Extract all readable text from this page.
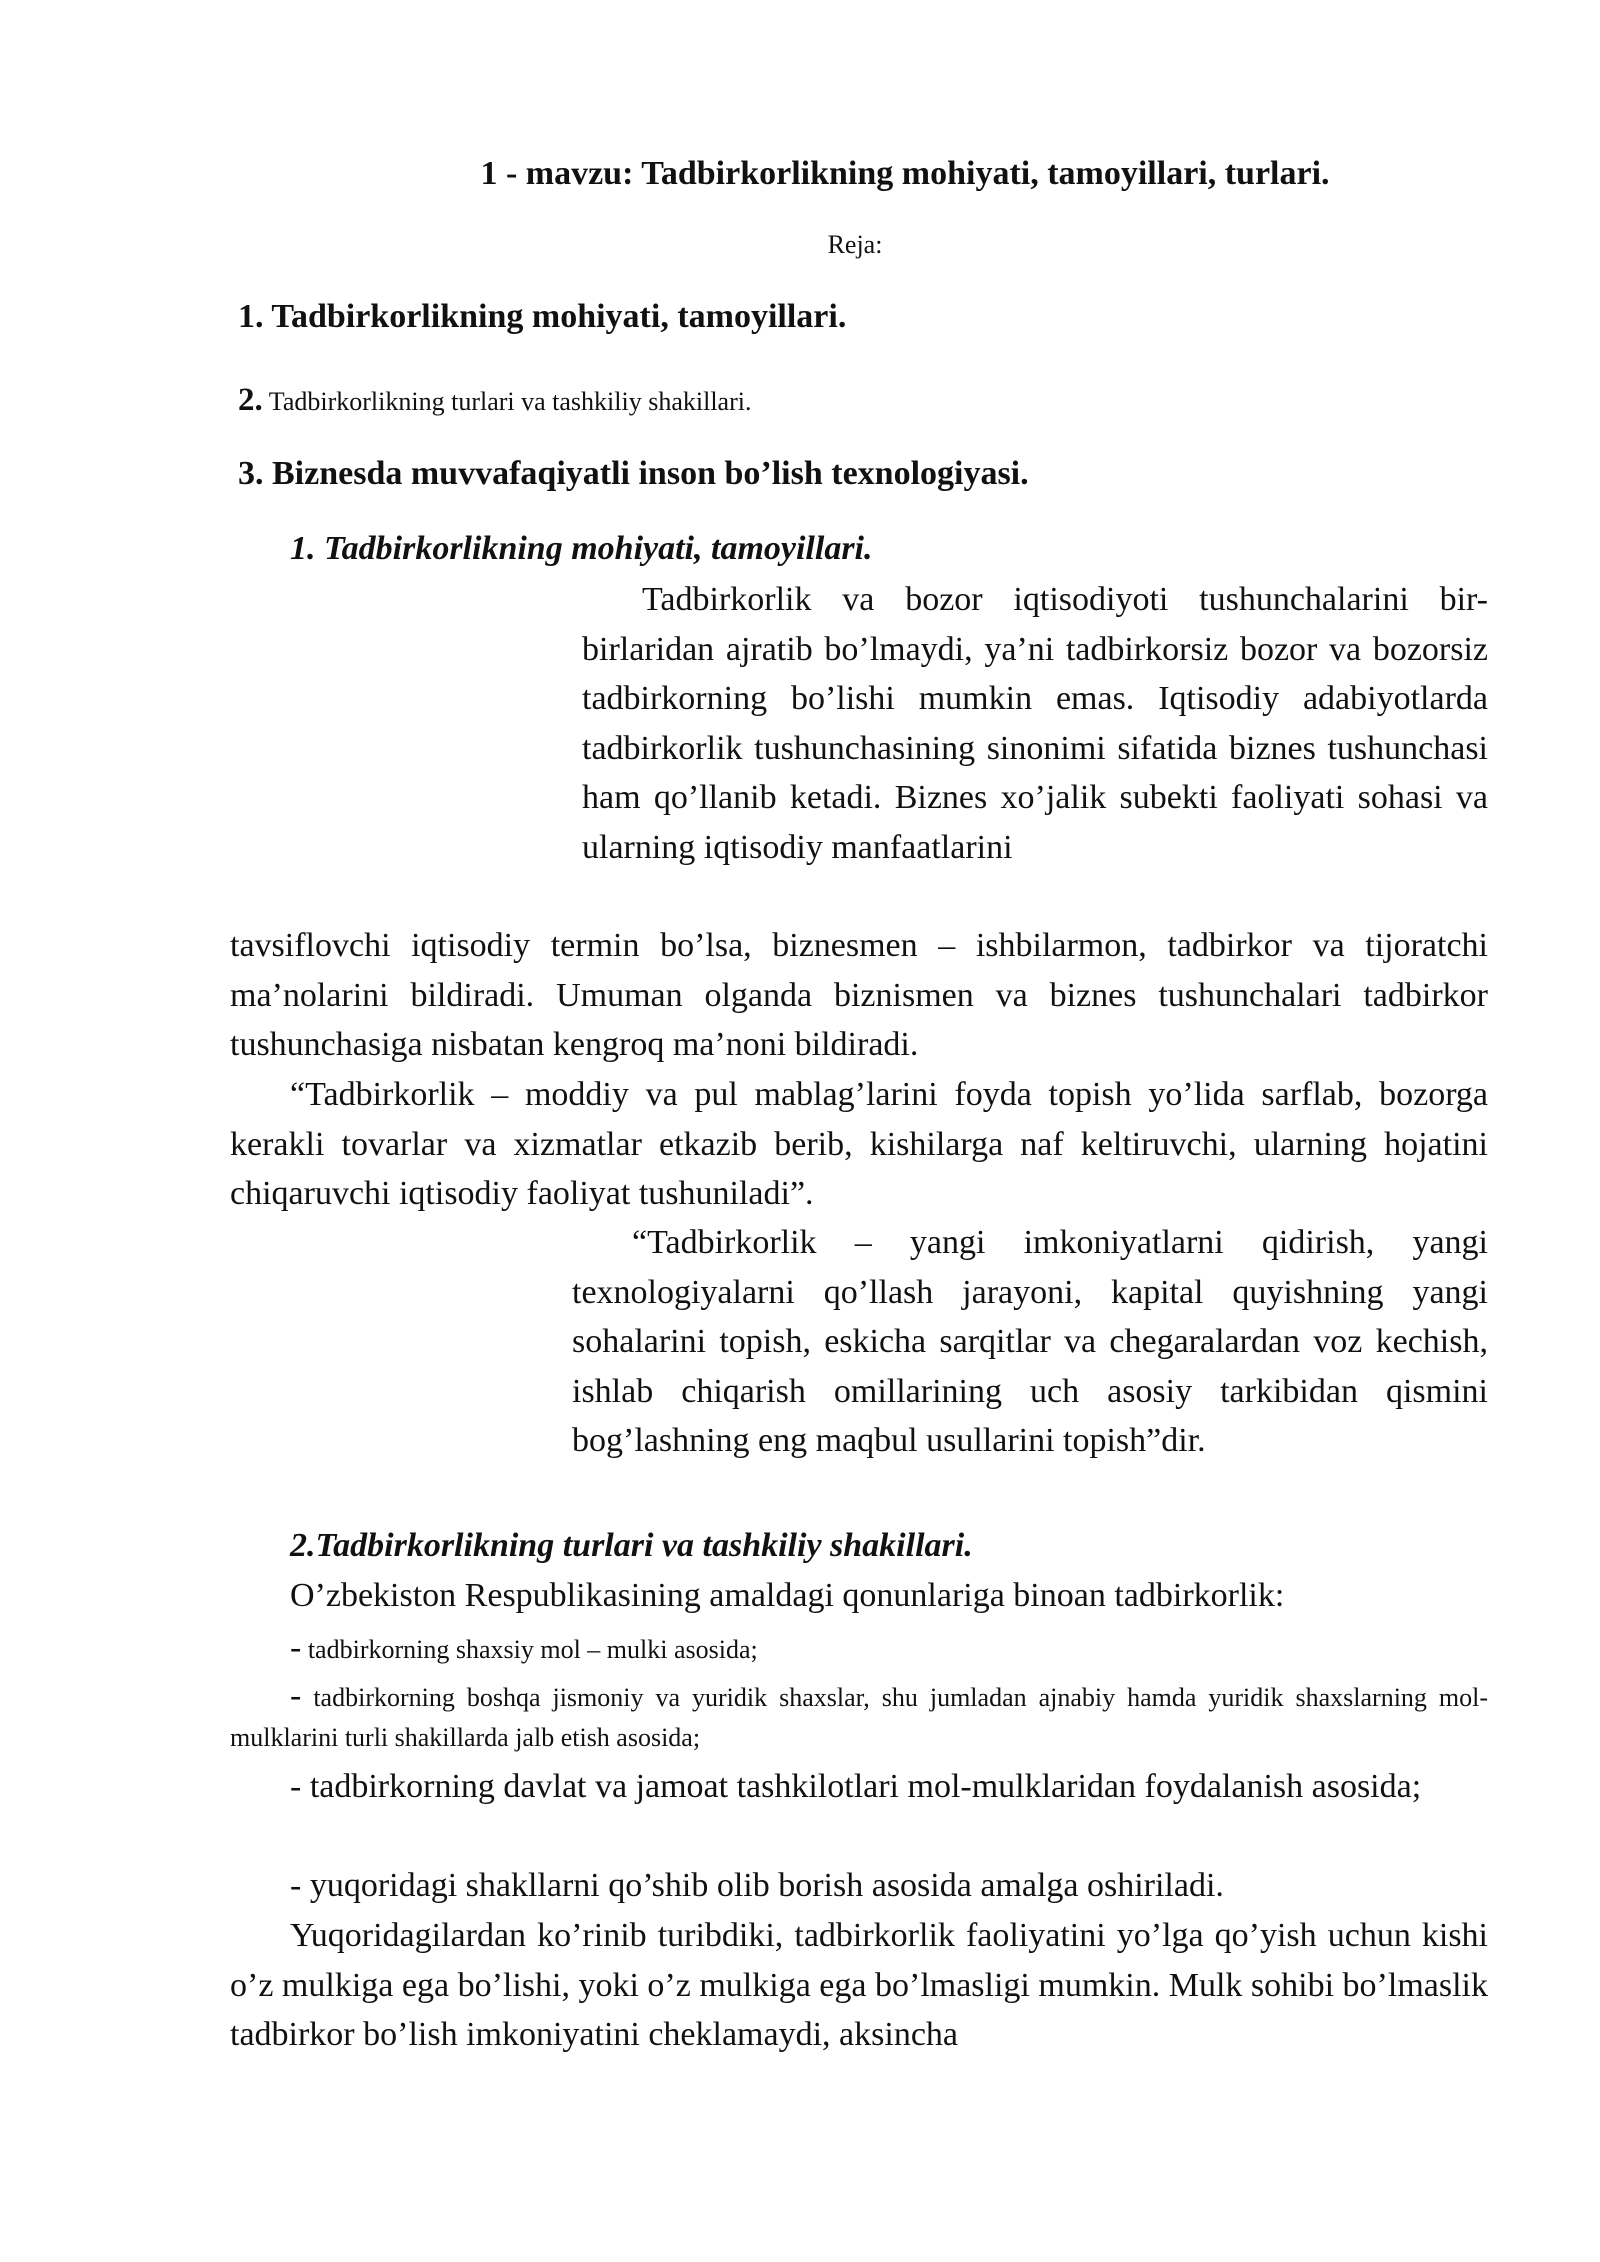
1 - mavzu: Tadbirkorlikning mohiyati, tamoyillari, turlari.
Reja:
1. Tadbirkorlikning mohiyati, tamoyillari.
2. Tadbirkorlikning turlari va tashkiliy shakillari.
3. Biznesda muvvafaqiyatli inson bo’lish texnologiyasi.
1. Tadbirkorlikning mohiyati, tamoyillari.

Tadbirkorlik va bozor iqtisodiyoti tushunchalarini bir-birlaridan ajratib bo’lmaydi, ya’ni tadbirkorsiz bozor va bozorsiz tadbirkorning bo’lishi mumkin emas. Iqtisodiy adabiyotlarda tadbirkorlik tushunchasining sinonimi sifatida biznes tushunchasi ham qo’llanib ketadi. Biznes xo’jalik subekti faoliyati sohasi va ularning iqtisodiy manfaatlarini

tavsiflovchi iqtisodiy termin bo’lsa, biznesmen – ishbilarmon, tadbirkor va tijoratchi ma’nolarini bildiradi. Umuman olganda biznismen va biznes tushunchalari tadbirkor tushunchasiga nisbatan kengroq ma’noni bildiradi.

“Tadbirkorlik – moddiy va pul mablag’larini foyda topish yo’lida sarflab, bozorga kerakli tovarlar va xizmatlar etkazib berib, kishilarga naf keltiruvchi, ularning hojatini chiqaruvchi iqtisodiy faoliyat tushuniladi”.

“Tadbirkorlik – yangi imkoniyatlarni qidirish, yangi texnologiyalarni qo’llash jarayoni, kapital quyishning yangi sohalarini topish, eskicha sarqitlar va chegaralardan voz kechish, ishlab chiqarish omillarining uch asosiy tarkibidan qismini bog’lashning eng maqbul usullarini topish”dir.

2.Tadbirkorlikning turlari va tashkiliy shakillari.

O’zbekiston Respublikasining amaldagi qonunlariga binoan tadbirkorlik:

- tadbirkorning shaxsiy mol – mulki asosida;

- tadbirkorning boshqa jismoniy va yuridik shaxslar, shu jumladan ajnabiy hamda yuridik shaxslarning mol-mulklarini turli shakillarda jalb etish asosida;

- tadbirkorning davlat va jamoat tashkilotlari mol-mulklaridan foydalanish asosida;

- yuqoridagi shakllarni qo’shib olib borish asosida amalga oshiriladi.

Yuqoridagilardan ko’rinib turibdiki, tadbirkorlik faoliyatini yo’lga qo’yish uchun kishi o’z mulkiga ega bo’lishi, yoki o’z mulkiga ega bo’lmasligi mumkin. Mulk sohibi bo’lmaslik tadbirkor bo’lish imkoniyatini cheklamaydi, aksincha
